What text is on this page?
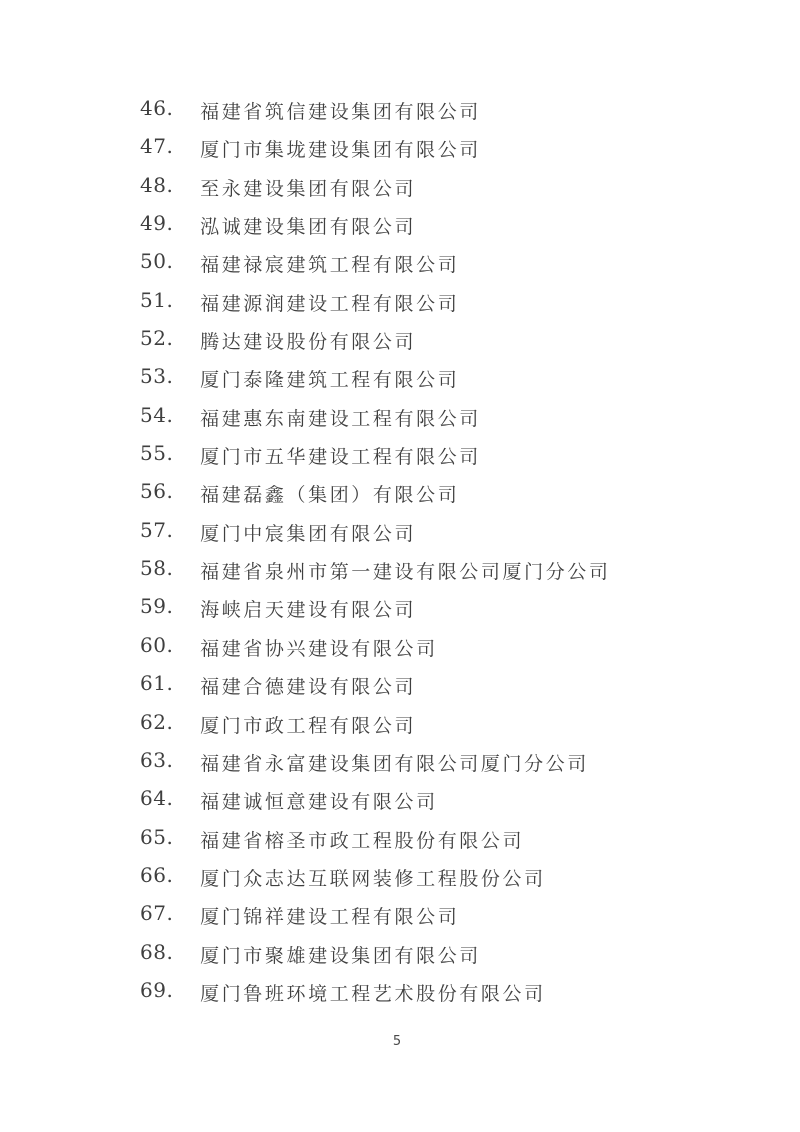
46. 福建省筑信建设集团有限公司
47. 厦门市集垅建设集团有限公司
48. 至永建设集团有限公司
49. 泓诚建设集团有限公司
50. 福建禄宸建筑工程有限公司
51. 福建源润建设工程有限公司
52. 腾达建设股份有限公司
53. 厦门泰隆建筑工程有限公司
54. 福建惠东南建设工程有限公司
55. 厦门市五华建设工程有限公司
56. 福建磊鑫（集团）有限公司
57. 厦门中宸集团有限公司
58. 福建省泉州市第一建设有限公司厦门分公司
59. 海峡启天建设有限公司
60. 福建省协兴建设有限公司
61. 福建合德建设有限公司
62. 厦门市政工程有限公司
63. 福建省永富建设集团有限公司厦门分公司
64. 福建诚恒意建设有限公司
65. 福建省榕圣市政工程股份有限公司
66. 厦门众志达互联网装修工程股份公司
67. 厦门锦祥建设工程有限公司
68. 厦门市聚雄建设集团有限公司
69. 厦门鲁班环境工程艺术股份有限公司
5
